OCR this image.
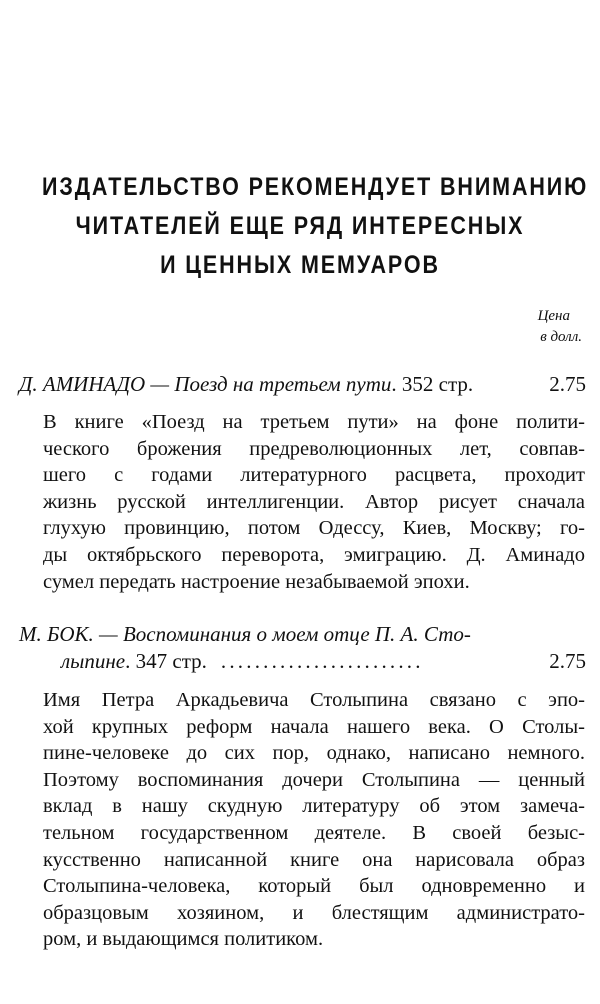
ИЗДАТЕЛЬСТВО РЕКОМЕНДУЕТ ВНИМАНИЮ
ЧИТАТЕЛЕЙ ЕЩЕ РЯД ИНТЕРЕСНЫХ
И ЦЕННЫХ МЕМУАРОВ
Цена
в долл.
Д. АМИНАДО — Поезд на третьем пути . 352 стр.	2.75
В книге «Поезд на третьем пути» на фоне полити-
ческого брожения предреволюционных лет, совпав-
шего с годами литературного расцвета, проходит
жизнь русской интеллигенции. Автор рисует сначала
глухую провинцию, потом Одессу, Киев, Москву; го-
ды октябрьского переворота, эмиграцию. Д. Аминадо
сумел передать настроение незабываемой эпохи.
М. БОК. — Воспоминания о моем отце П. А. Сто-
лыпине . 347 стр. ........................	2.75
Имя Петра Аркадьевича Столыпина связано с эпо-
хой крупных реформ начала нашего века. О Столы-
пине-человеке до сих пор, однако, написано немного.
Поэтому воспоминания дочери Столыпина — ценный
вклад в нашу скудную литературу об этом замеча-
тельном государственном деятеле. В своей безыс-
кусственно написанной книге она нарисовала образ
Столыпина-человека, который был одновременно и
образцовым хозяином, и блестящим администрато-
ром, и выдающимся политиком.
